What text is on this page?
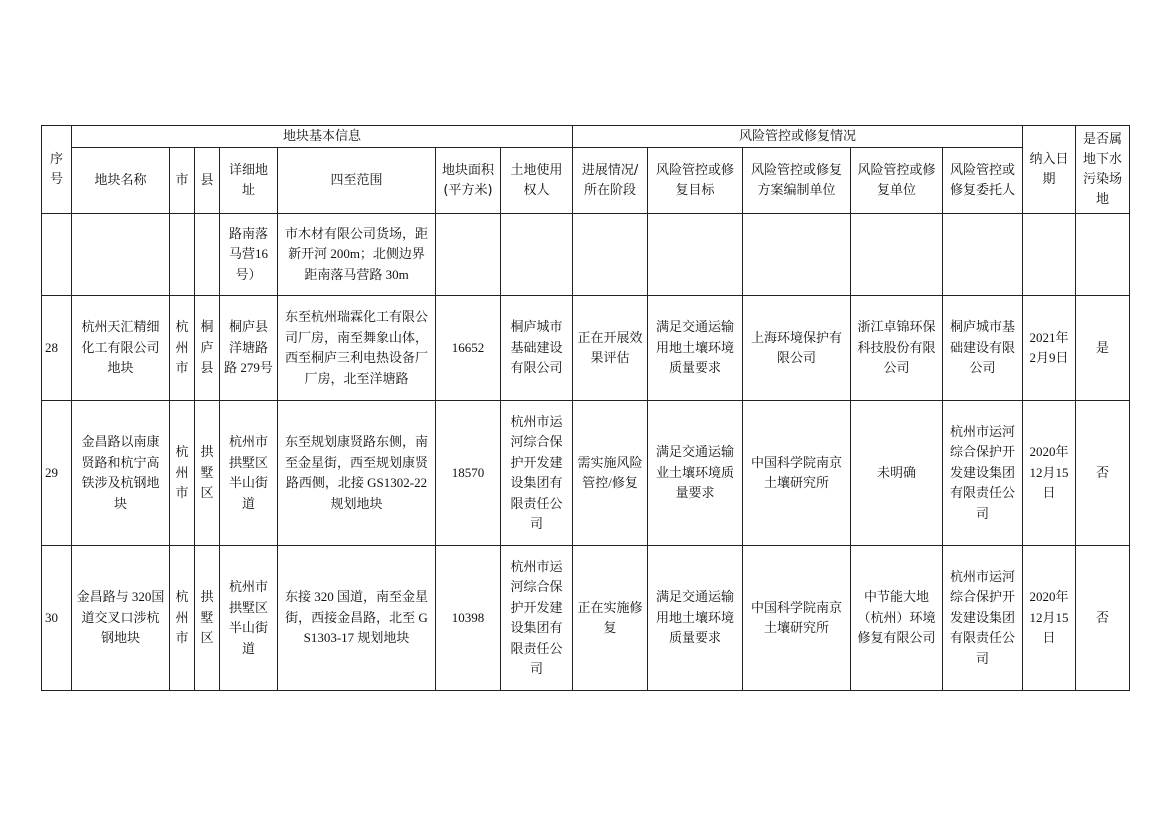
序号	地块基本信息							风险管控或修复情况					纳入日期	是否属地下水污染场地
	地块名称	市	县	详细地址	四至范围	地块面积(平方米)	土地使用权人	进展情况/所在阶段	风险管控或修复目标	风险管控或修复方案编制单位	风险管控或修复单位	风险管控或修复委托人		
				路南落马营16号）	市木材有限公司货场，距新开河 200m；北侧边界距南落马营路 30m									
28	杭州天汇精细化工有限公司地块	杭州市	桐庐县	桐庐县洋塘路路 279号	东至杭州瑞霖化工有限公司厂房，南至舞象山体，西至桐庐三利电热设备厂厂房，北至洋塘路	16652	桐庐城市基础建设有限公司	正在开展效果评估	满足交通运输用地土壤环境质量要求	上海环境保护有限公司	浙江卓锦环保科技股份有限公司	桐庐城市基础建设有限公司	2021年2月9日	是
29	金昌路以南康贤路和杭宁高铁涉及杭钢地块	杭州市	拱墅区	杭州市拱墅区半山街道	东至规划康贤路东侧，南至金星街，西至规划康贤路西侧，北接 GS1302-22 规划地块	18570	杭州市运河综合保护开发建设集团有限责任公司	需实施风险管控/修复	满足交通运输业土壤环境质量要求	中国科学院南京土壤研究所	未明确	杭州市运河综合保护开发建设集团有限责任公司	2020年12月15日	否
30	金昌路与 320国道交叉口涉杭钢地块	杭州市	拱墅区	杭州市拱墅区半山街道	东接 320 国道，南至金星街，西接金昌路，北至 GS1303-17 规划地块	10398	杭州市运河综合保护开发建设集团有限责任公司	正在实施修复	满足交通运输用地土壤环境质量要求	中国科学院南京土壤研究所	中节能大地（杭州）环境修复有限公司	杭州市运河综合保护开发建设集团有限责任公司	2020年12月15日	否
